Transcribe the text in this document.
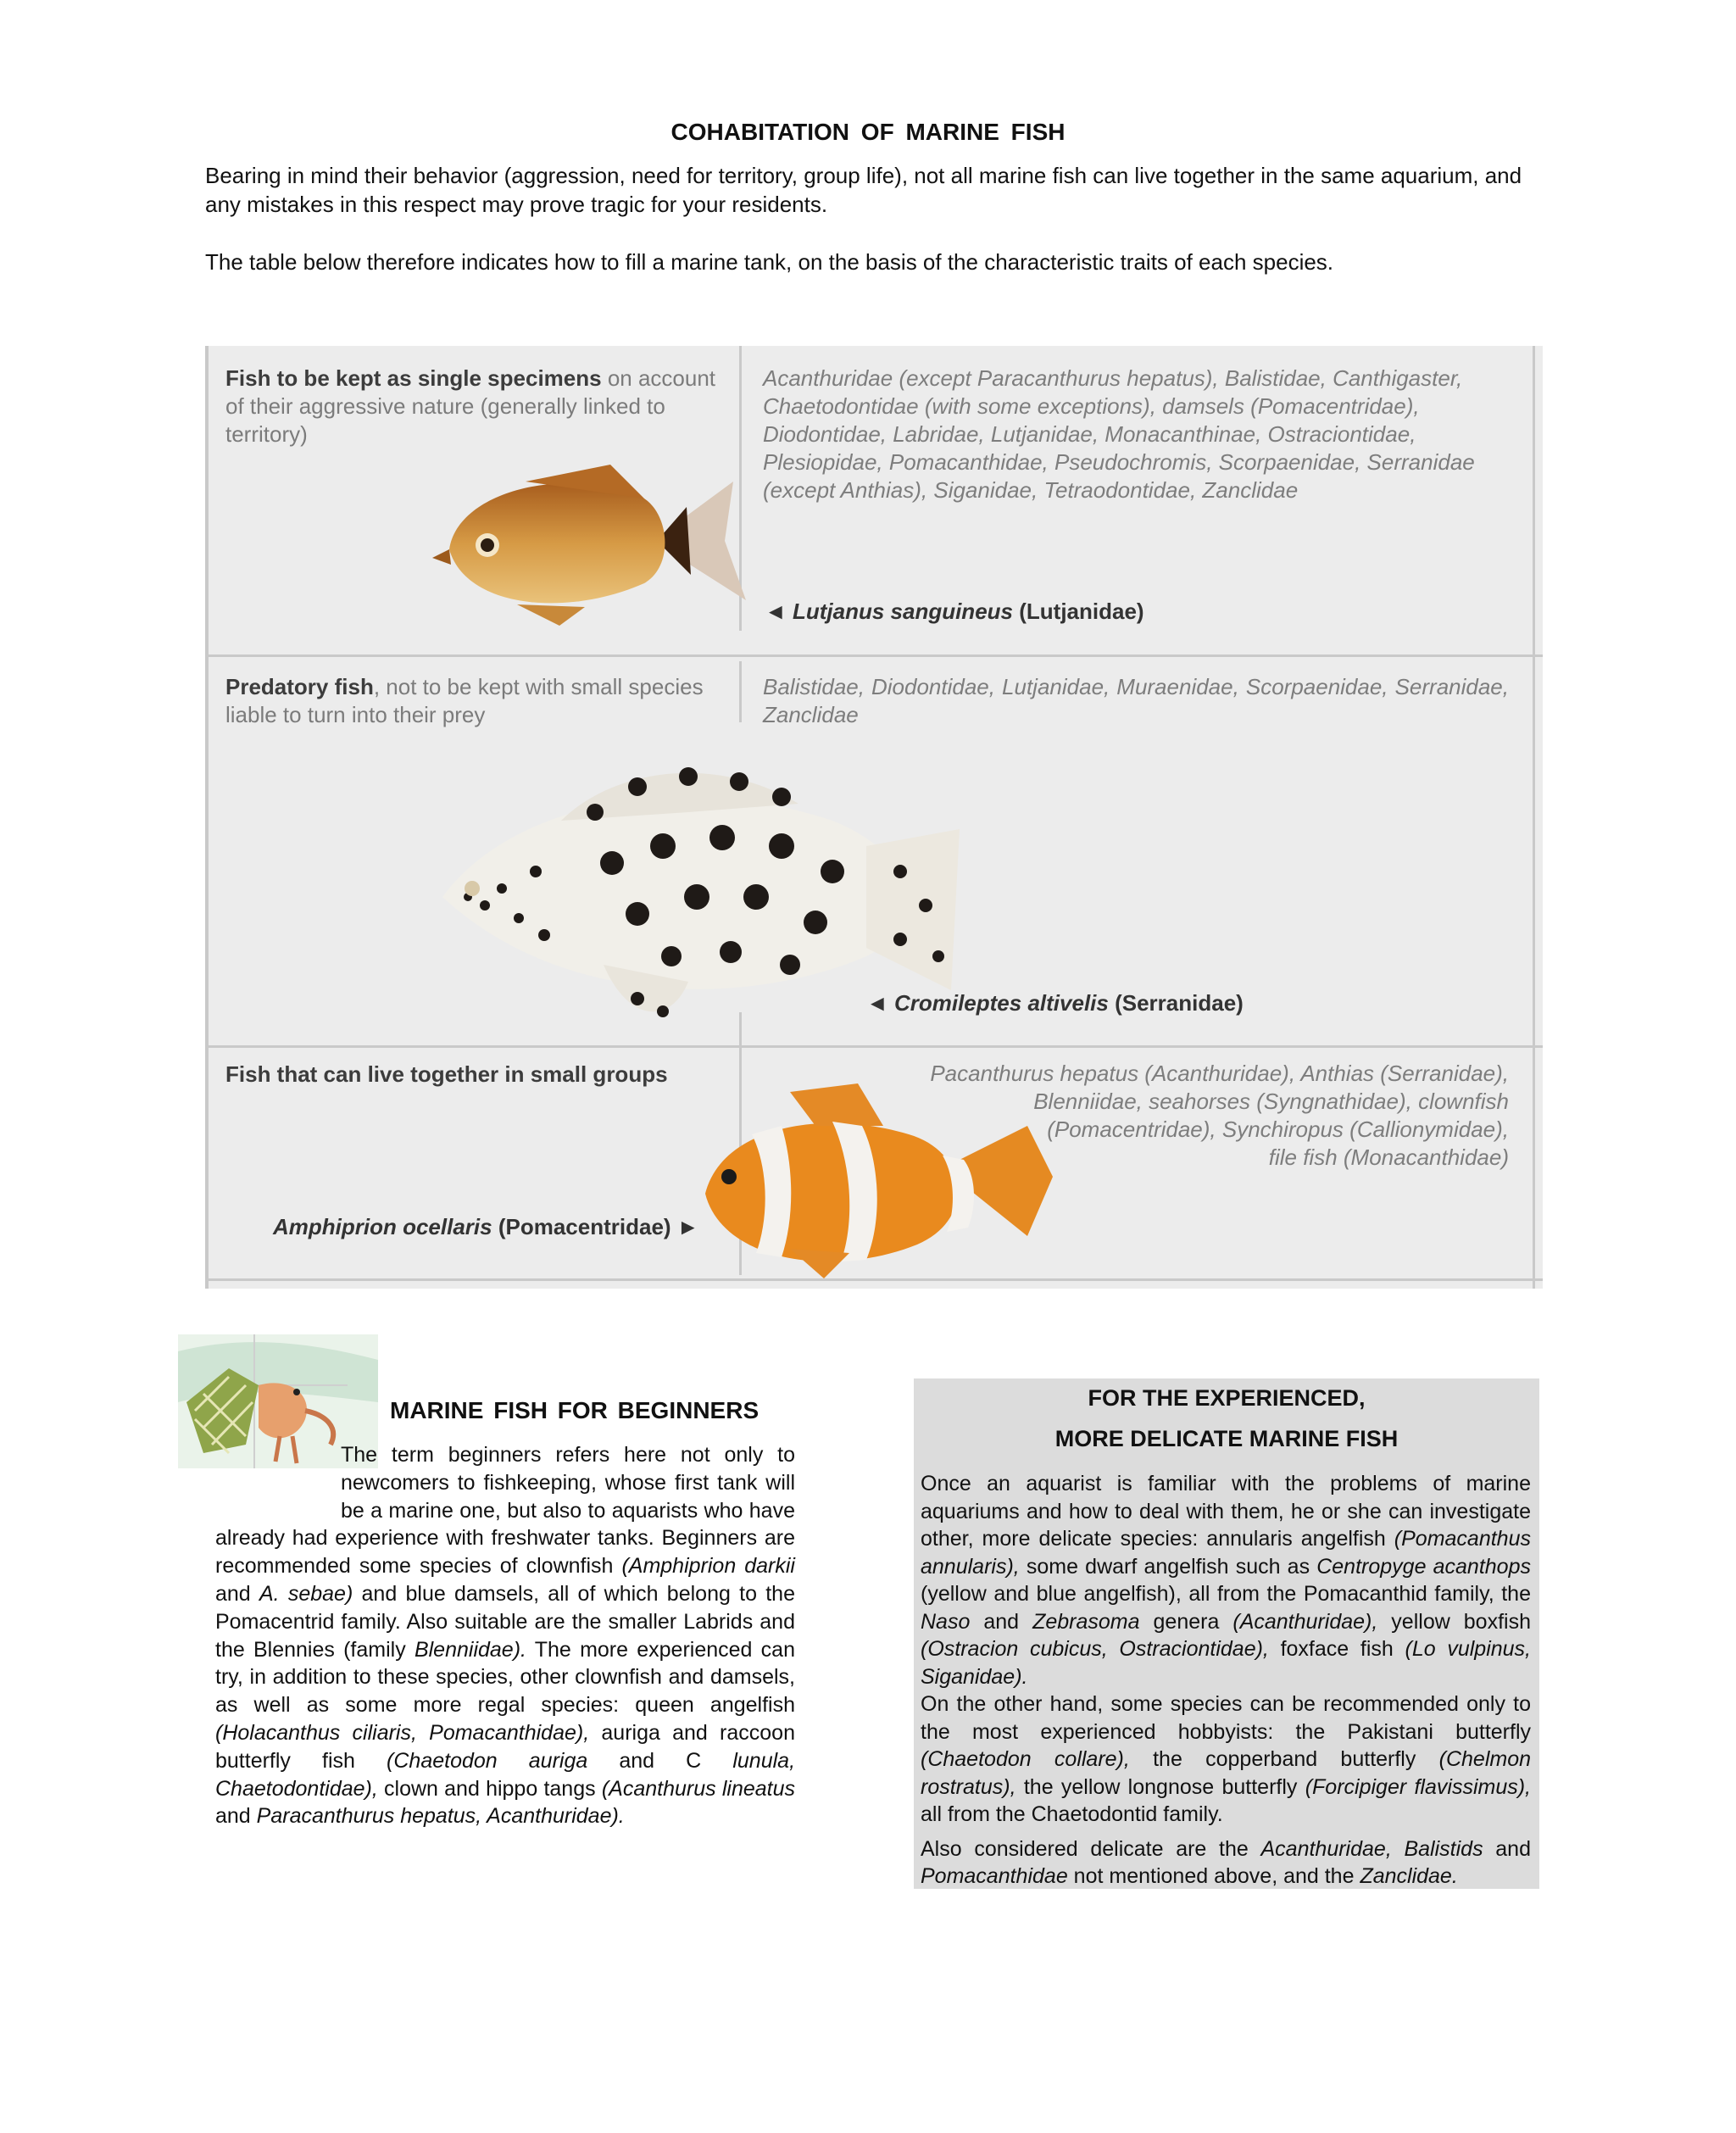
COHABITATION OF MARINE FISH
Bearing in mind their behavior (aggression, need for territory, group life), not all marine fish can live together in the same aquarium, and any mistakes in this respect may prove tragic for your residents.
The table below therefore indicates how to fill a marine tank, on the basis of the characteristic traits of each species.
Fish to be kept as single specimens on account of their aggressive nature (generally linked to territory)
Acanthuridae (except Paracanthurus hepatus), Balistidae, Canthigaster, Chaetodontidae (with some exceptions), damsels (Pomacentridae), Diodontidae, Labridae, Lutjanidae, Monacanthinae, Ostraciontidae, Plesiopidae, Pomacanthidae, Pseudochromis, Scorpaenidae, Serranidae (except Anthias), Siganidae, Tetraodontidae, Zanclidae
◄ Lutjanus sanguineus (Lutjanidae)
Predatory fish, not to be kept with small species liable to turn into their prey
Balistidae, Diodontidae, Lutjanidae, Muraenidae, Scorpaenidae, Serranidae, Zanclidae
◄ Cromileptes altivelis (Serranidae)
Fish that can live together in small groups	Pacanthurus hepatus (Acanthuridae), Anthias (Serranidae),
Blenniidae, seahorses (Syngnathidae), clownfish
(Pomacentridae), Synchiropus (Callionymidae),
file fish (Monacanthidae)
Amphiprion ocellaris (Pomacentridae) ►
MARINE FISH FOR BEGINNERS
The term beginners refers here not only to newcomers to fishkeeping, whose first tank will be a marine one, but also to aquarists who have already had experience with freshwater tanks. Beginners are recommended some species of clownfish (Amphiprion darkii and A. sebae) and blue damsels, all of which belong to the Pomacentrid family. Also suitable are the smaller Labrids and the Blennies (family Blenniidae). The more experienced can try, in addition to these species, other clownfish and damsels, as well as some more regal species: queen angelfish (Holacanthus ciliaris, Pomacanthidae), auriga and raccoon butterfly fish (Chaetodon auriga and C lunula, Chaetodontidae), clown and hippo tangs (Acanthurus lineatus and Paracanthurus hepatus, Acanthuridae).
FOR THE EXPERIENCED,
MORE DELICATE MARINE FISH

Once an aquarist is familiar with the problems of marine aquariums and how to deal with them, he or she can investigate other, more delicate species: annularis angelfish (Pomacanthus annularis), some dwarf angelfish such as Centropyge acanthops (yellow and blue angelfish), all from the Pomacanthid family, the Naso and Zebrasoma genera (Acanthuridae), yellow boxfish (Ostracion cubicus, Ostraciontidae), foxface fish (Lo vulpinus, Siganidae).

On the other hand, some species can be recommended only to the most experienced hobbyists: the Pakistani butterfly (Chaetodon collare), the copperband butterfly (Chelmon rostratus), the yellow longnose butterfly (Forcipiger flavissimus), all from the Chaetodontid family.

Also considered delicate are the Acanthuridae, Balistids and Pomacanthidae not mentioned above, and the Zanclidae.
